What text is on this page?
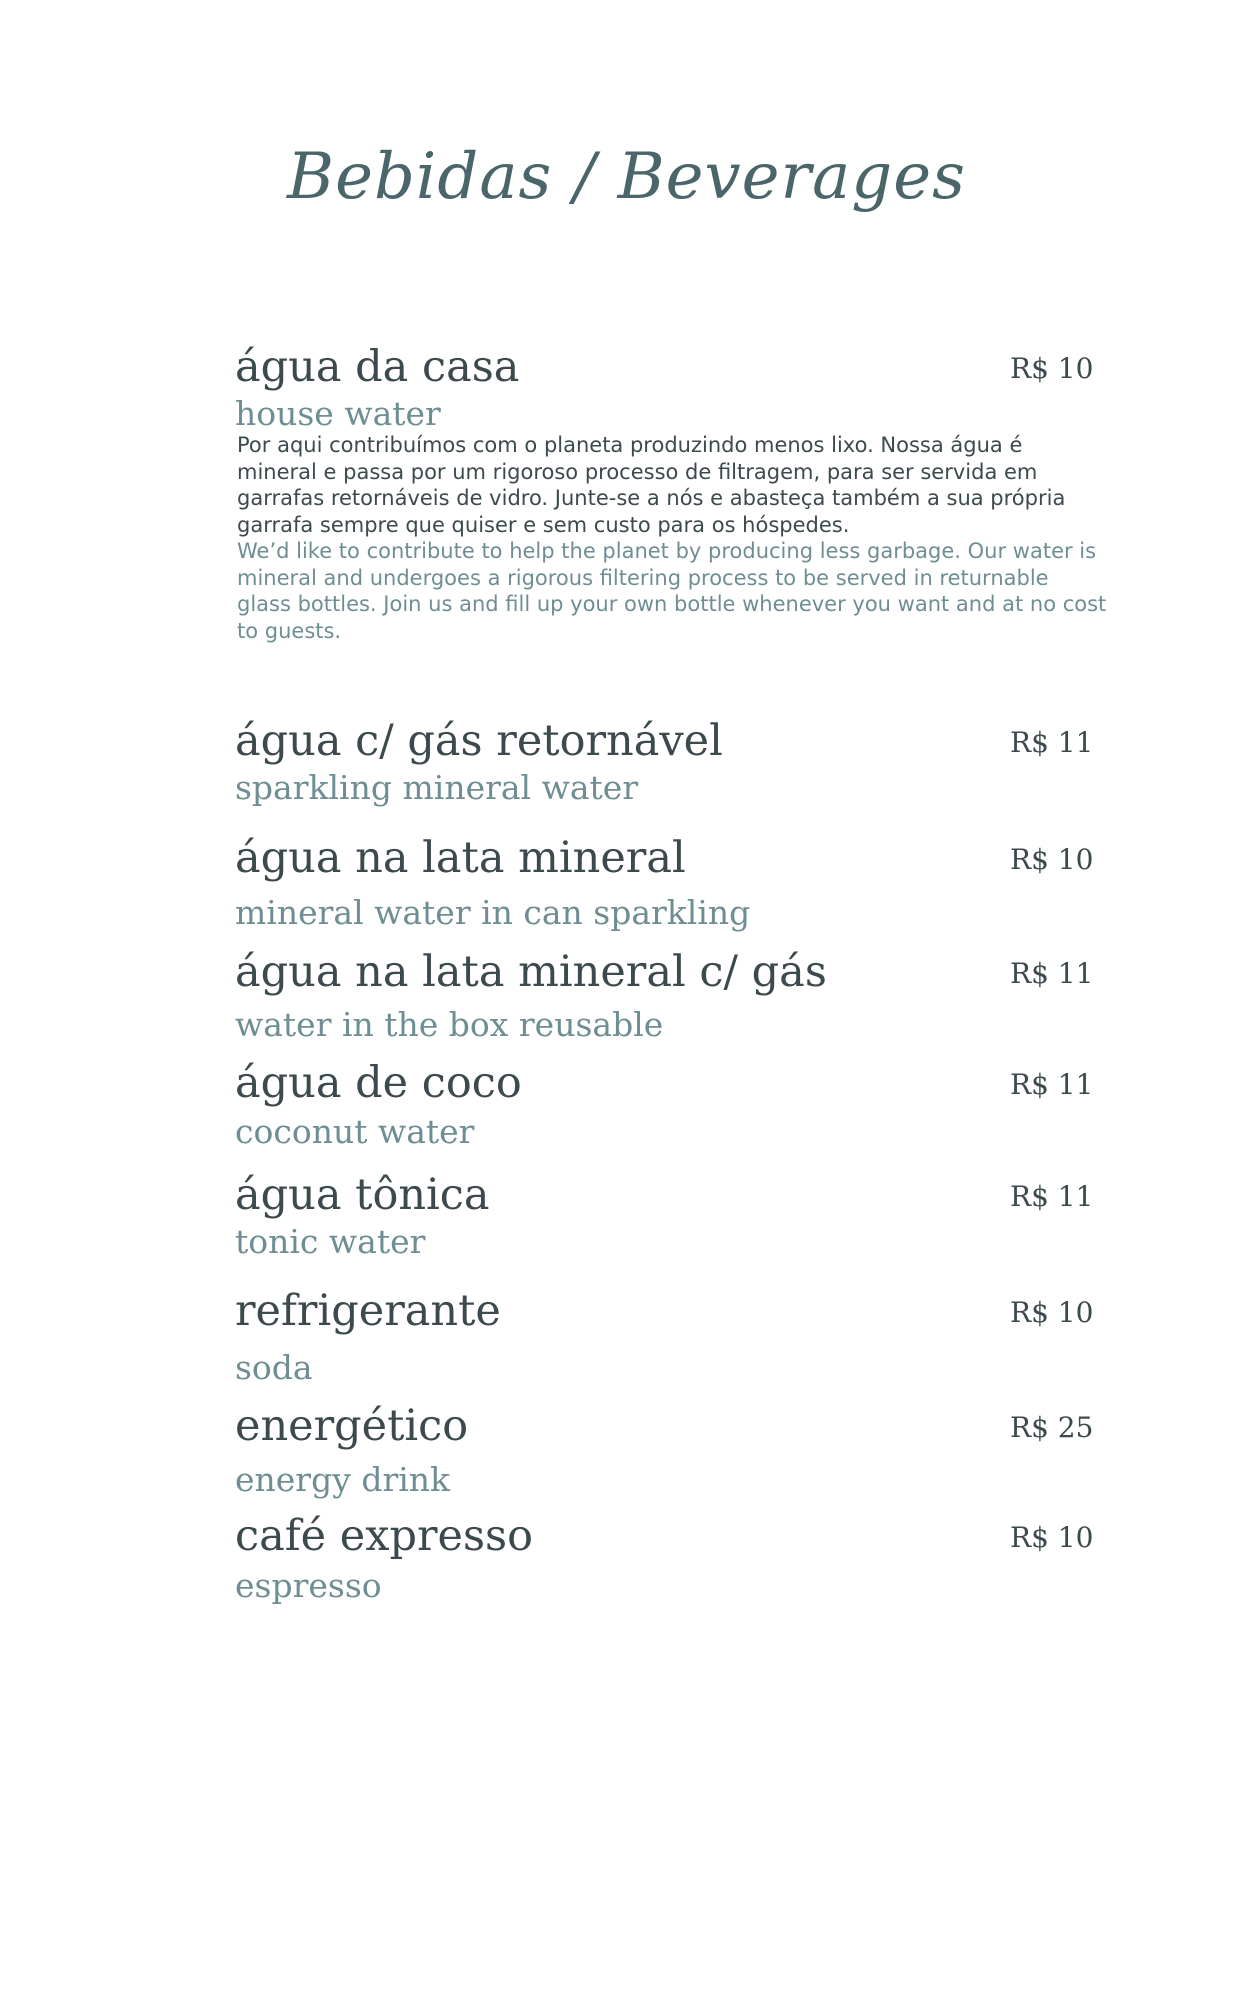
Bebidas / Beverages
água da casa	R$ 10
house water

Por aqui contribuímos com o planeta produzindo menos lixo. Nossa água é mineral e passa por um rigoroso processo de filtragem, para ser servida em garrafas retornáveis de vidro. Junte-se a nós e abasteça também a sua própria garrafa sempre que quiser e sem custo para os hóspedes.

We’d like to contribute to help the planet by producing less garbage. Our water is mineral and undergoes a rigorous filtering process to be served in returnable glass bottles. Join us and fill up your own bottle whenever you want and at no cost to guests.

água c/ gás retornável	R$ 11
sparkling mineral water
água na lata mineral	R$ 10
mineral water in can sparkling
água na lata mineral c/ gás	R$ 11
water in the box reusable
água de coco	R$ 11
coconut water
água tônica	R$ 11
tonic water
refrigerante	R$ 10
soda
energético	R$ 25
energy drink
café expresso	R$ 10
espresso
